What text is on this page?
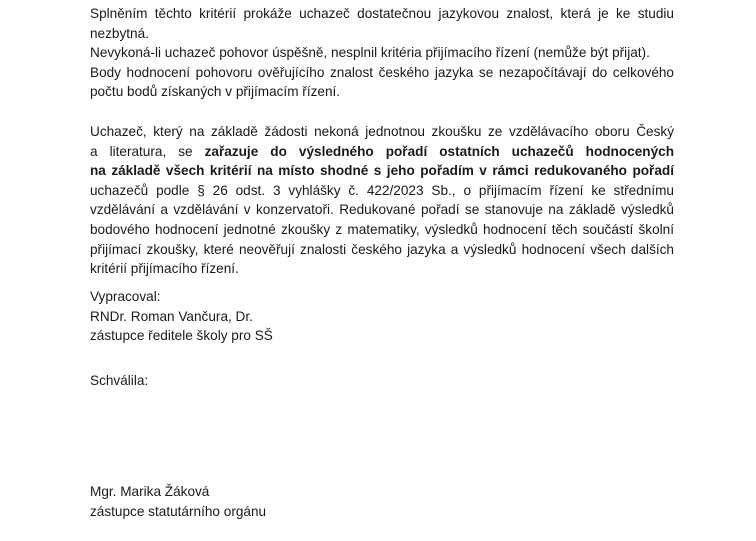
Splněním těchto kritérií prokáže uchazeč dostatečnou jazykovou znalost, která je ke studiu
nezbytná.
Nevykoná-li uchazeč pohovor úspěšně, nesplnil kritéria přijímacího řízení (nemůže být přijat).
Body hodnocení pohovoru ověřujícího znalost českého jazyka se nezapočítávají do celkového
počtu bodů získaných v přijímacím řízení.
Uchazeč, který na základě žádosti nekoná jednotnou zkoušku ze vzdělávacího oboru Český
a literatura, se zařazuje do výsledného pořadí ostatních uchazečů hodnocených
na základě všech kritérií na místo shodné s jeho pořadím v rámci redukovaného pořadí
uchazečů podle § 26 odst. 3 vyhlášky č. 422/2023 Sb., o přijímacím řízení ke střednímu
vzdělávání a vzdělávání v konzervatoři. Redukované pořadí se stanovuje na základě výsledků
bodového hodnocení jednotné zkoušky z matematiky, výsledků hodnocení těch součástí školní
přijímací zkoušky, které neověřují znalosti českého jazyka a výsledků hodnocení všech dalších
kritérií přijímacího řízení.
Vypracoval:
RNDr. Roman Vančura, Dr.
zástupce ředitele školy pro SŠ
Schválila:
Mgr. Marika Žáková
zástupce statutárního orgánu
